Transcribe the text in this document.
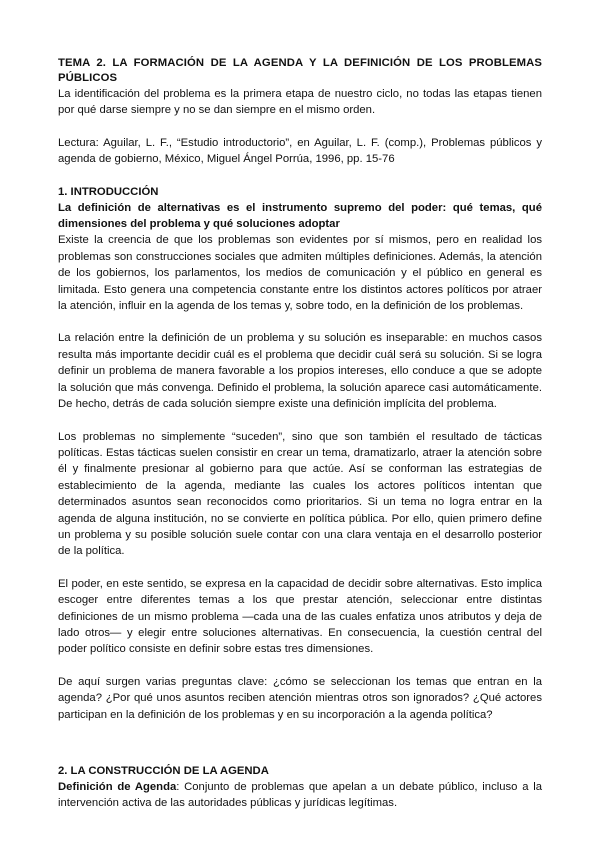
TEMA 2. LA FORMACIÓN DE LA AGENDA Y LA DEFINICIÓN DE LOS PROBLEMAS PÚBLICOS

La identificación del problema es la primera etapa de nuestro ciclo, no todas las etapas tienen por qué darse siempre y no se dan siempre en el mismo orden.

Lectura: Aguilar, L. F., “Estudio introductorio”, en Aguilar, L. F. (comp.), Problemas públicos y agenda de gobierno, México, Miguel Ángel Porrúa, 1996, pp. 15-76

1. INTRODUCCIÓN

La definición de alternativas es el instrumento supremo del poder: qué temas, qué dimensiones del problema y qué soluciones adoptar

Existe la creencia de que los problemas son evidentes por sí mismos, pero en realidad los problemas son construcciones sociales que admiten múltiples definiciones. Además, la atención de los gobiernos, los parlamentos, los medios de comunicación y el público en general es limitada. Esto genera una competencia constante entre los distintos actores políticos por atraer la atención, influir en la agenda de los temas y, sobre todo, en la definición de los problemas.

La relación entre la definición de un problema y su solución es inseparable: en muchos casos resulta más importante decidir cuál es el problema que decidir cuál será su solución. Si se logra definir un problema de manera favorable a los propios intereses, ello conduce a que se adopte la solución que más convenga. Definido el problema, la solución aparece casi automáticamente. De hecho, detrás de cada solución siempre existe una definición implícita del problema.

Los problemas no simplemente “suceden”, sino que son también el resultado de tácticas políticas. Estas tácticas suelen consistir en crear un tema, dramatizarlo, atraer la atención sobre él y finalmente presionar al gobierno para que actúe. Así se conforman las estrategias de establecimiento de la agenda, mediante las cuales los actores políticos intentan que determinados asuntos sean reconocidos como prioritarios. Si un tema no logra entrar en la agenda de alguna institución, no se convierte en política pública. Por ello, quien primero define un problema y su posible solución suele contar con una clara ventaja en el desarrollo posterior de la política.

El poder, en este sentido, se expresa en la capacidad de decidir sobre alternativas. Esto implica escoger entre diferentes temas a los que prestar atención, seleccionar entre distintas definiciones de un mismo problema —cada una de las cuales enfatiza unos atributos y deja de lado otros— y elegir entre soluciones alternativas. En consecuencia, la cuestión central del poder político consiste en definir sobre estas tres dimensiones.

De aquí surgen varias preguntas clave: ¿cómo se seleccionan los temas que entran en la agenda? ¿Por qué unos asuntos reciben atención mientras otros son ignorados? ¿Qué actores participan en la definición de los problemas y en su incorporación a la agenda política?

2. LA CONSTRUCCIÓN DE LA AGENDA

Definición de Agenda: Conjunto de problemas que apelan a un debate público, incluso a la intervención activa de las autoridades públicas y jurídicas legítimas.
